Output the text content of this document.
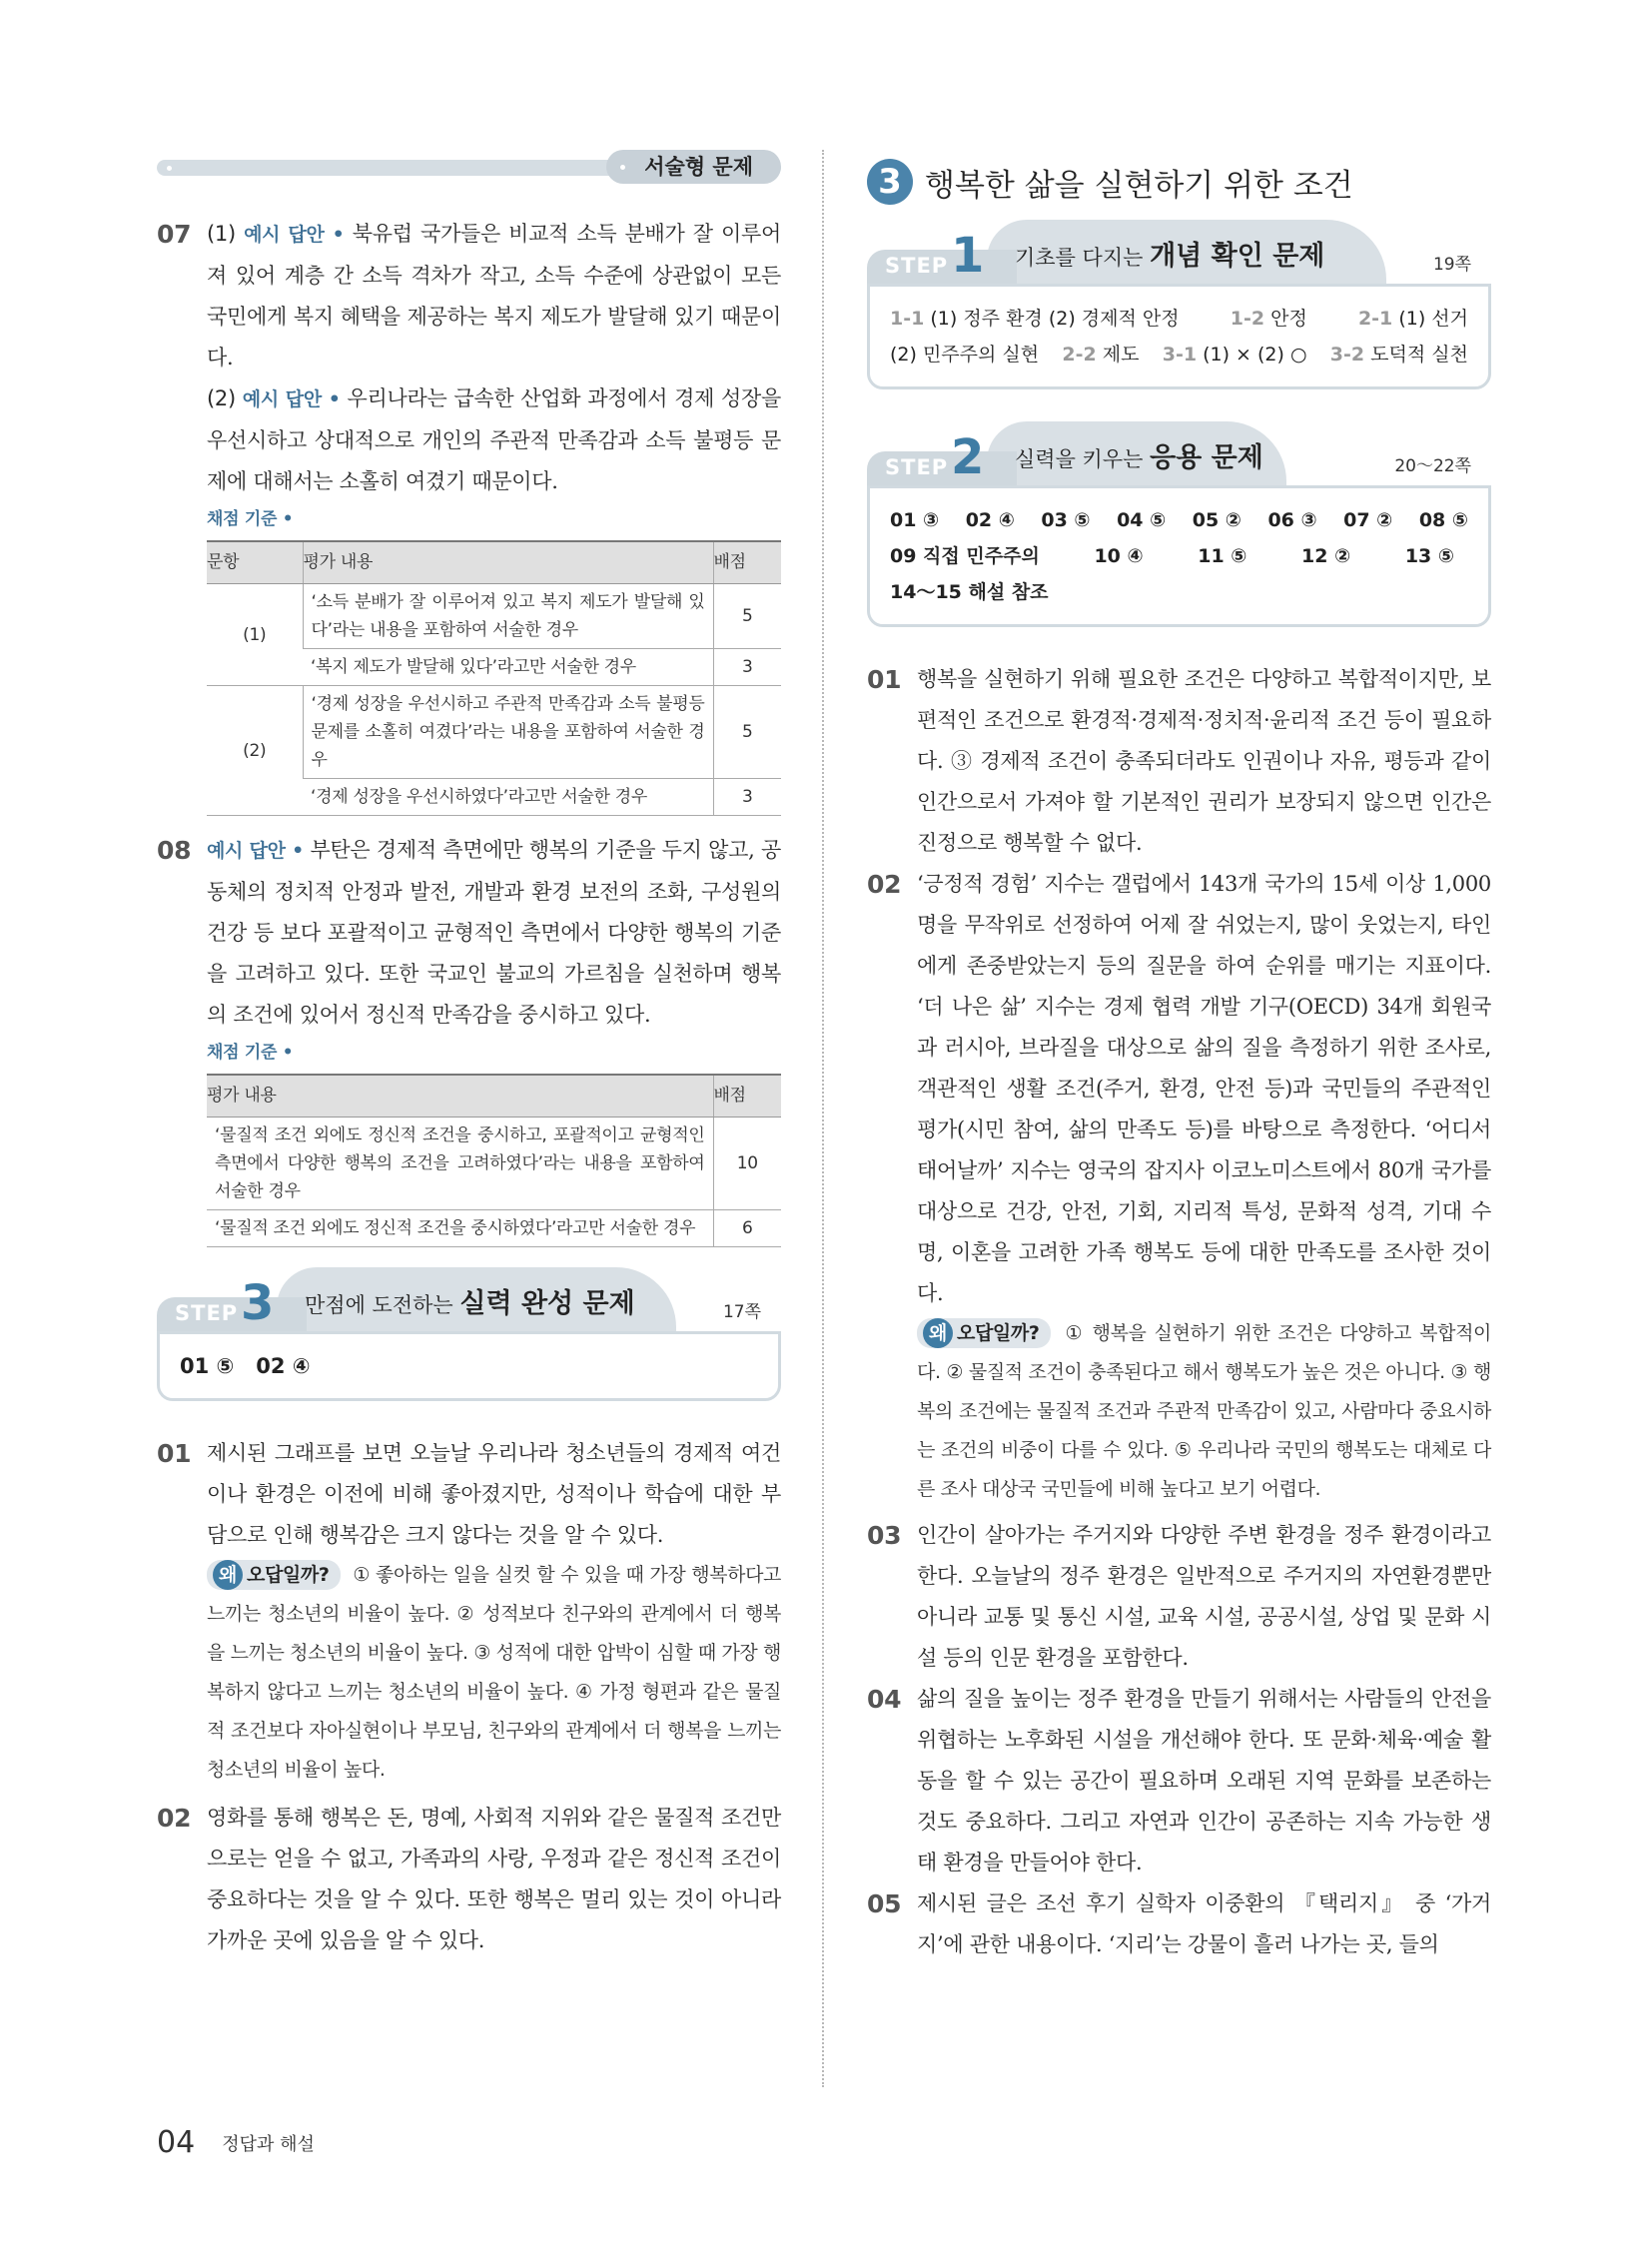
서술형 문제
07 (1) 예시 답안 • 북유럽 국가들은 비교적 소득 분배가 잘 이루어져 있어 계층 간 소득 격차가 작고, 소득 수준에 상관없이 모든 국민에게 복지 혜택을 제공하는 복지 제도가 발달해 있기 때문이다.
(2) 예시 답안 • 우리나라는 급속한 산업화 과정에서 경제 성장을 우선시하고 상대적으로 개인의 주관적 만족감과 소득 불평등 문제에 대해서는 소홀히 여겼기 때문이다.
채점 기준 •
문항	평가 내용	배점
(1)	‘소득 분배가 잘 이루어져 있고 복지 제도가 발달해 있다’라는 내용을 포함하여 서술한 경우	5
	‘복지 제도가 발달해 있다’라고만 서술한 경우	3
(2)	‘경제 성장을 우선시하고 주관적 만족감과 소득 불평등 문제를 소홀히 여겼다’라는 내용을 포함하여 서술한 경우	5
	‘경제 성장을 우선시하였다’라고만 서술한 경우	3
08 예시 답안 • 부탄은 경제적 측면에만 행복의 기준을 두지 않고, 공동체의 정치적 안정과 발전, 개발과 환경 보전의 조화, 구성원의 건강 등 보다 포괄적이고 균형적인 측면에서 다양한 행복의 기준을 고려하고 있다. 또한 국교인 불교의 가르침을 실천하며 행복의 조건에 있어서 정신적 만족감을 중시하고 있다.
채점 기준 •
평가 내용	배점
‘물질적 조건 외에도 정신적 조건을 중시하고, 포괄적이고 균형적인 측면에서 다양한 행복의 조건을 고려하였다’라는 내용을 포함하여 서술한 경우	10
‘물질적 조건 외에도 정신적 조건을 중시하였다’라고만 서술한 경우	6
STEP 3 만점에 도전하는 실력 완성 문제	17쪽
01 ⑤   02 ④
01 제시된 그래프를 보면 오늘날 우리나라 청소년들의 경제적 여건이나 환경은 이전에 비해 좋아졌지만, 성적이나 학습에 대한 부담으로 인해 행복감은 크지 않다는 것을 알 수 있다.
왜 오답일까? ① 좋아하는 일을 실컷 할 수 있을 때 가장 행복하다고 느끼는 청소년의 비율이 높다. ② 성적보다 친구와의 관계에서 더 행복을 느끼는 청소년의 비율이 높다. ③ 성적에 대한 압박이 심할 때 가장 행복하지 않다고 느끼는 청소년의 비율이 높다. ④ 가정 형편과 같은 물질적 조건보다 자아실현이나 부모님, 친구와의 관계에서 더 행복을 느끼는 청소년의 비율이 높다.
02 영화를 통해 행복은 돈, 명예, 사회적 지위와 같은 물질적 조건만으로는 얻을 수 없고, 가족과의 사랑, 우정과 같은 정신적 조건이 중요하다는 것을 알 수 있다. 또한 행복은 멀리 있는 것이 아니라 가까운 곳에 있음을 알 수 있다.
3 행복한 삶을 실현하기 위한 조건
STEP 1 기초를 다지는 개념 확인 문제	19쪽
1-1 (1) 정주 환경 (2) 경제적 안정	1-2 안정	2-1 (1) 선거
(2) 민주주의 실현 2-2 제도 3-1 (1) × (2) ○ 3-2 도덕적 실천
STEP 2 실력을 키우는 응용 문제	20～22쪽
01 ③ 02 ④ 03 ⑤ 04 ⑤ 05 ② 06 ③ 07 ② 08 ⑤
09 직접 민주주의	10 ④	11 ⑤	12 ②	13 ⑤
14～15 해설 참조
01 행복을 실현하기 위해 필요한 조건은 다양하고 복합적이지만, 보편적인 조건으로 환경적·경제적·정치적·윤리적 조건 등이 필요하다. ③ 경제적 조건이 충족되더라도 인권이나 자유, 평등과 같이 인간으로서 가져야 할 기본적인 권리가 보장되지 않으면 인간은 진정으로 행복할 수 없다.
02 ‘긍정적 경험’ 지수는 갤럽에서 143개 국가의 15세 이상 1,000명을 무작위로 선정하여 어제 잘 쉬었는지, 많이 웃었는지, 타인에게 존중받았는지 등의 질문을 하여 순위를 매기는 지표이다. ‘더 나은 삶’ 지수는 경제 협력 개발 기구(OECD) 34개 회원국과 러시아, 브라질을 대상으로 삶의 질을 측정하기 위한 조사로, 객관적인 생활 조건(주거, 환경, 안전 등)과 국민들의 주관적인 평가(시민 참여, 삶의 만족도 등)를 바탕으로 측정한다. ‘어디서 태어날까’ 지수는 영국의 잡지사 이코노미스트에서 80개 국가를 대상으로 건강, 안전, 기회, 지리적 특성, 문화적 성격, 기대 수명, 이혼을 고려한 가족 행복도 등에 대한 만족도를 조사한 것이다.
왜 오답일까? ① 행복을 실현하기 위한 조건은 다양하고 복합적이다. ② 물질적 조건이 충족된다고 해서 행복도가 높은 것은 아니다. ③ 행복의 조건에는 물질적 조건과 주관적 만족감이 있고, 사람마다 중요시하는 조건의 비중이 다를 수 있다. ⑤ 우리나라 국민의 행복도는 대체로 다른 조사 대상국 국민들에 비해 높다고 보기 어렵다.
03 인간이 살아가는 주거지와 다양한 주변 환경을 정주 환경이라고 한다. 오늘날의 정주 환경은 일반적으로 주거지의 자연환경뿐만 아니라 교통 및 통신 시설, 교육 시설, 공공시설, 상업 및 문화 시설 등의 인문 환경을 포함한다.
04 삶의 질을 높이는 정주 환경을 만들기 위해서는 사람들의 안전을 위협하는 노후화된 시설을 개선해야 한다. 또 문화·체육·예술 활동을 할 수 있는 공간이 필요하며 오래된 지역 문화를 보존하는 것도 중요하다. 그리고 자연과 인간이 공존하는 지속 가능한 생태 환경을 만들어야 한다.
05 제시된 글은 조선 후기 실학자 이중환의 『택리지』 중 ‘가거지’에 관한 내용이다. ‘지리’는 강물이 흘러 나가는 곳, 들의
04 정답과 해설
